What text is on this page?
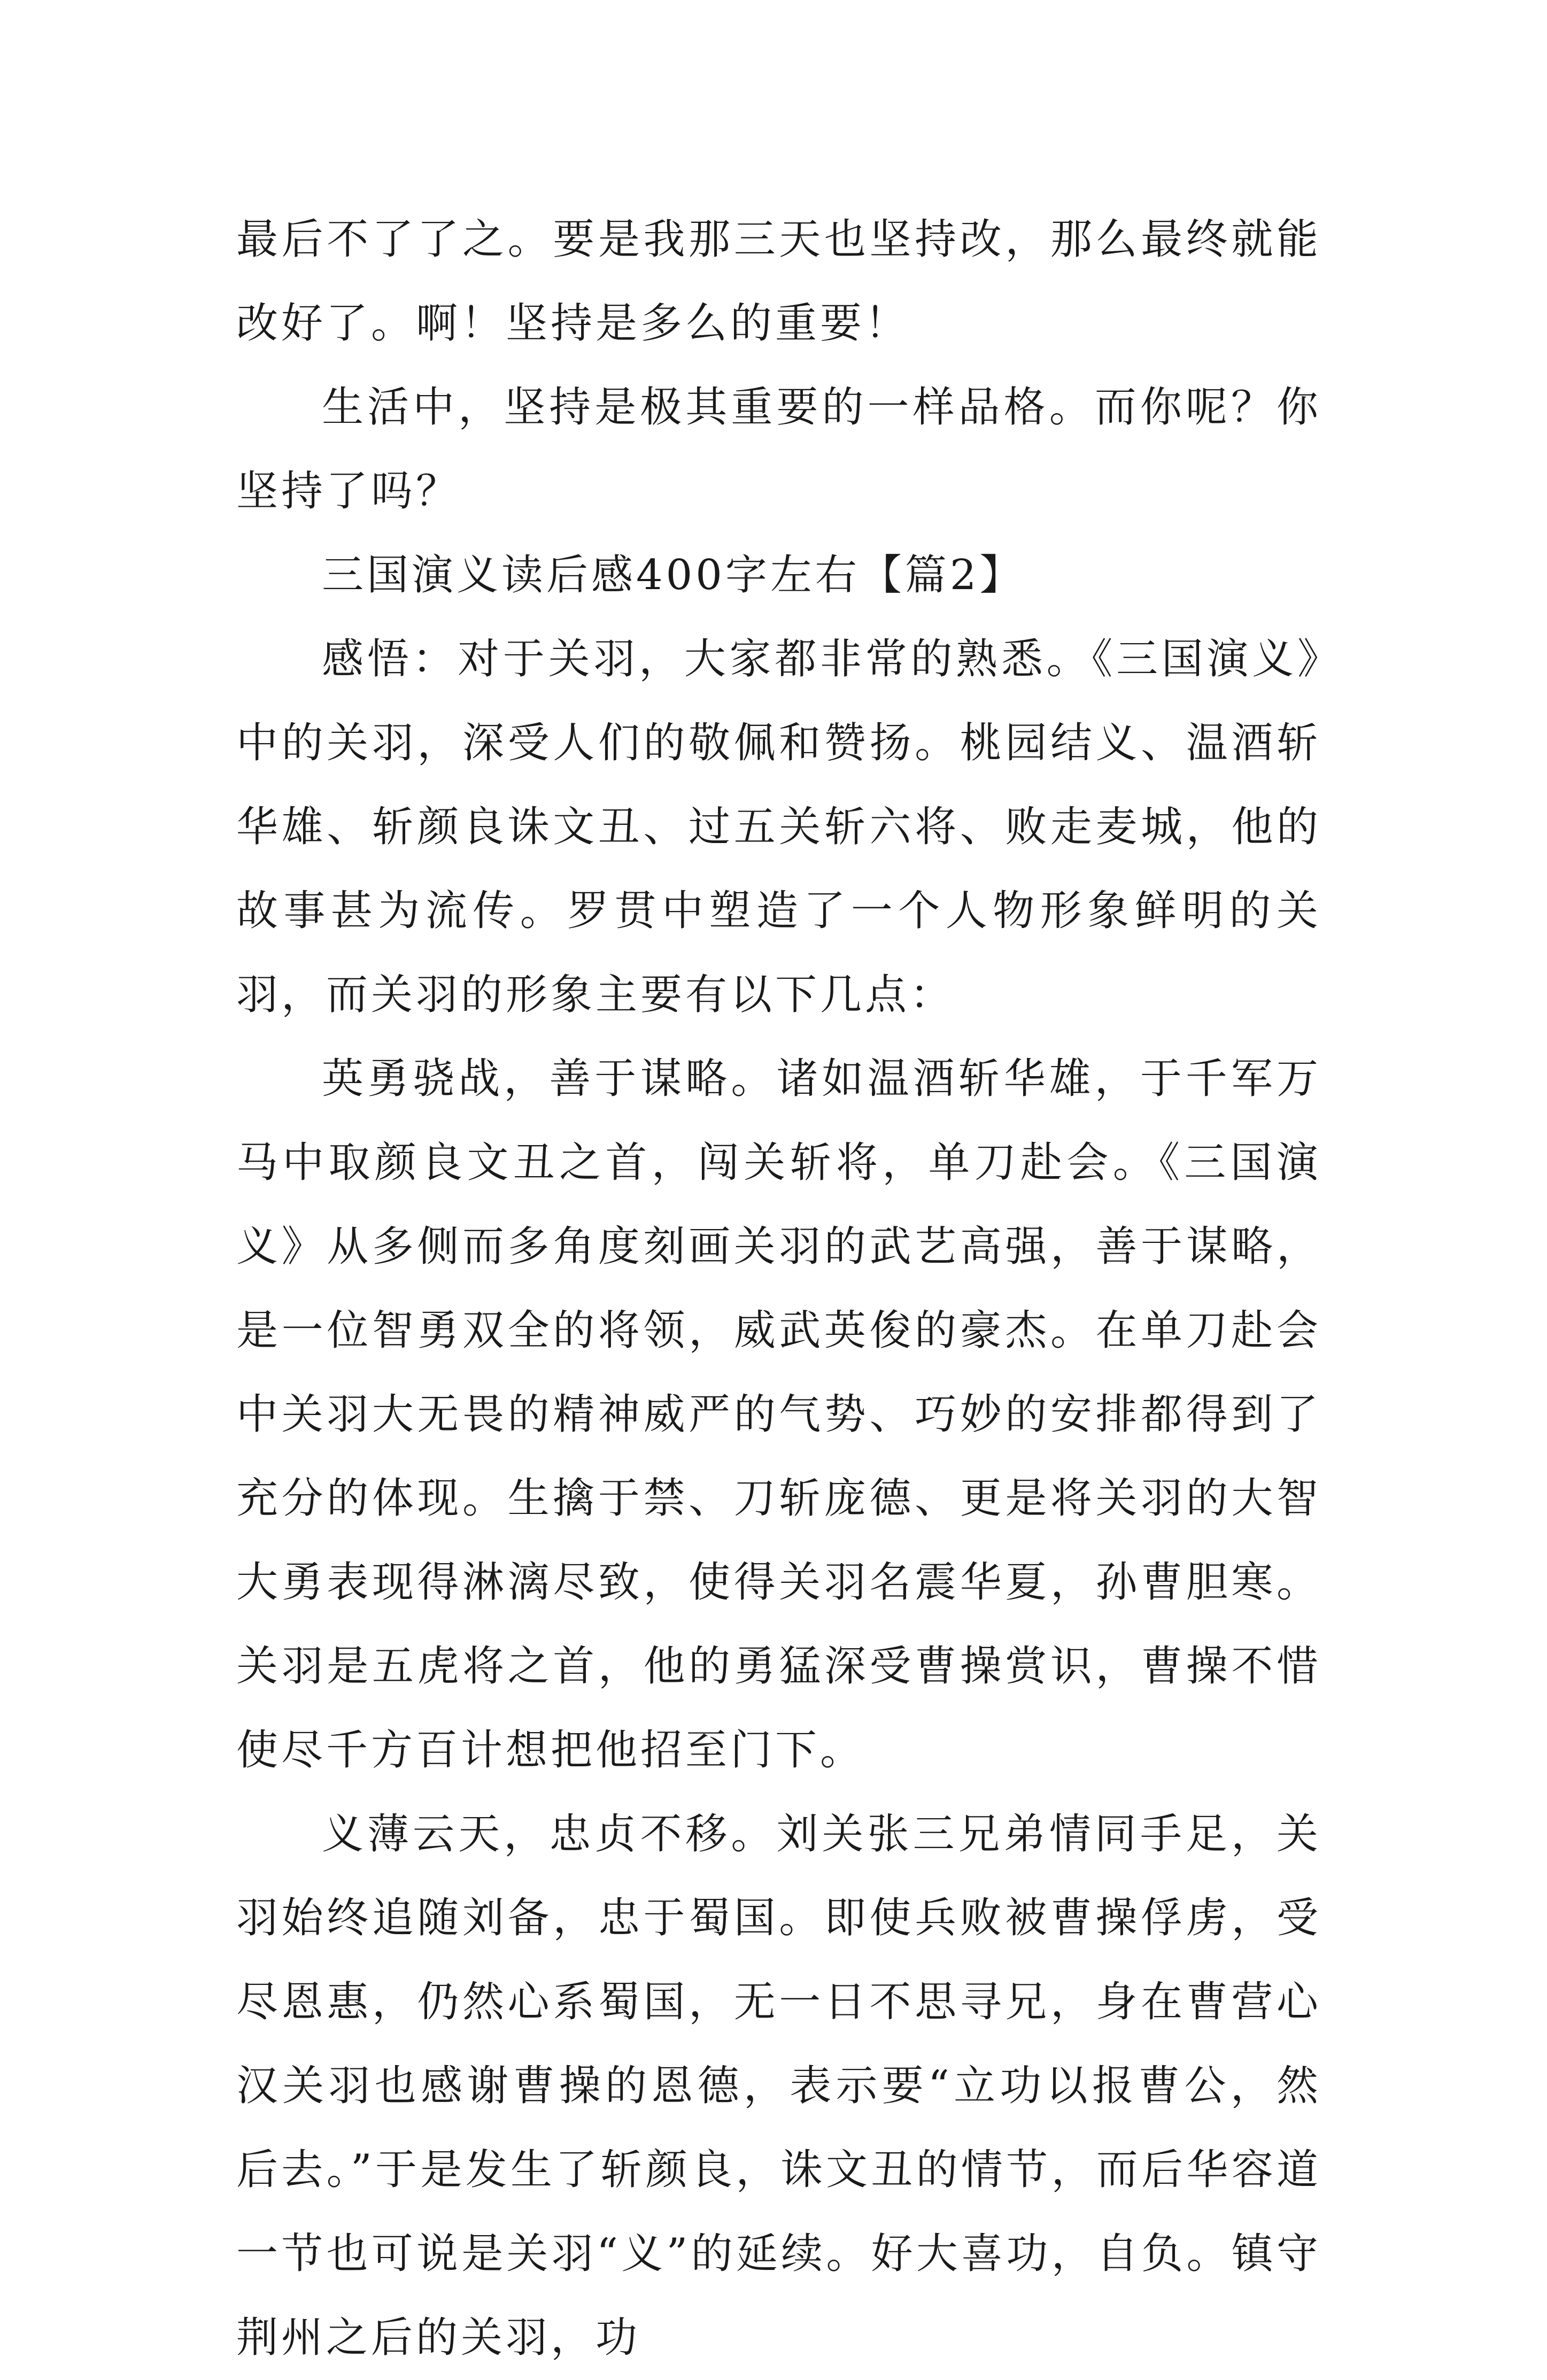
最后不了了之。要是我那三天也坚持改，那么最终就能改好了。啊！坚持是多么的重要！

生活中，坚持是极其重要的一样品格。而你呢？你坚持了吗？

三国演义读后感400字左右【篇2】

感悟：对于关羽，大家都非常的熟悉。《三国演义》中的关羽，深受人们的敬佩和赞扬。桃园结义、温酒斩华雄、斩颜良诛文丑、过五关斩六将、败走麦城，他的故事甚为流传。罗贯中塑造了一个人物形象鲜明的关羽，而关羽的形象主要有以下几点：

英勇骁战，善于谋略。诸如温酒斩华雄，于千军万马中取颜良文丑之首，闯关斩将，单刀赴会。《三国演义》从多侧而多角度刻画关羽的武艺高强，善于谋略，是一位智勇双全的将领，威武英俊的豪杰。在单刀赴会中关羽大无畏的精神威严的气势、巧妙的安排都得到了充分的体现。生擒于禁、刀斩庞德、更是将关羽的大智大勇表现得淋漓尽致，使得关羽名震华夏，孙曹胆寒。关羽是五虎将之首，他的勇猛深受曹操赏识，曹操不惜使尽千方百计想把他招至门下。

义薄云天，忠贞不移。刘关张三兄弟情同手足，关羽始终追随刘备，忠于蜀国。即使兵败被曹操俘虏，受尽恩惠，仍然心系蜀国，无一日不思寻兄，身在曹营心汉关羽也感谢曹操的恩德，表示要“立功以报曹公，然后去。”于是发生了斩颜良，诛文丑的情节，而后华容道一节也可说是关羽“义”的延续。好大喜功，自负。镇守荆州之后的关羽，功
